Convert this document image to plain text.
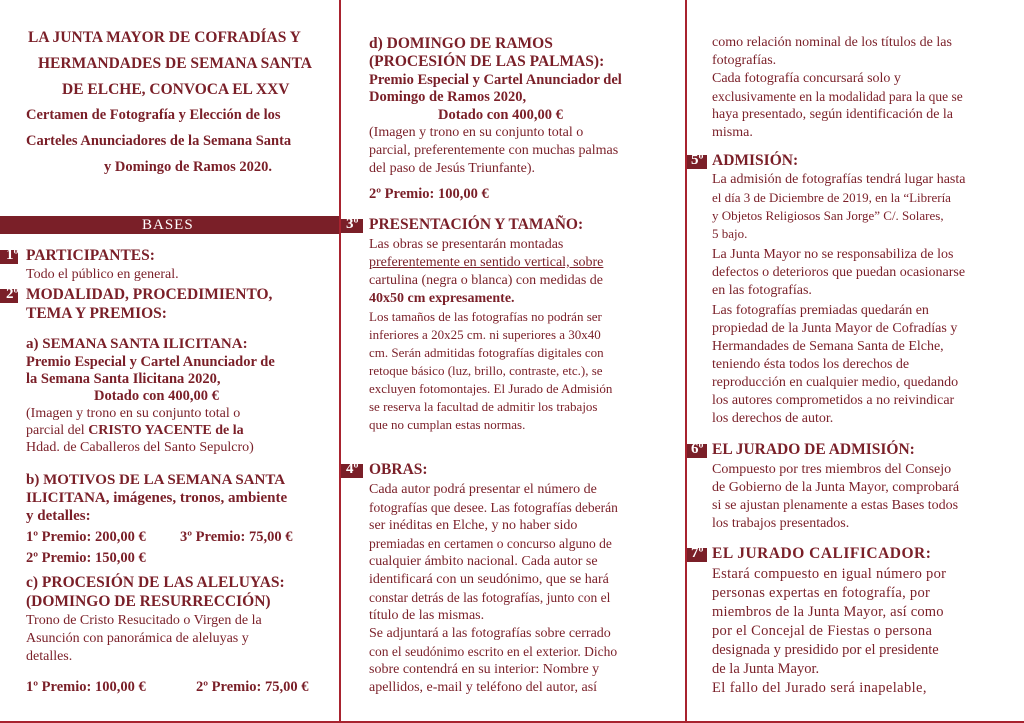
LA JUNTA MAYOR DE COFRADÍAS Y
HERMANDADES DE SEMANA SANTA
DE ELCHE, CONVOCA EL XXV
Certamen de Fotografía y Elección de los
Carteles Anunciadores de la Semana Santa
y Domingo de Ramos 2020.
BASES
1º PARTICIPANTES:
Todo el público en general.
2º MODALIDAD, PROCEDIMIENTO,
TEMA Y PREMIOS:
a) SEMANA SANTA ILICITANA:
Premio Especial y Cartel Anunciador de
la Semana Santa Ilicitana 2020,
Dotado con 400,00 €
(Imagen y trono en su conjunto total o
parcial del CRISTO YACENTE de la
Hdad. de Caballeros del Santo Sepulcro)
b) MOTIVOS DE LA SEMANA SANTA
ILICITANA, imágenes, tronos, ambiente
y detalles:
1º Premio: 200,00 € 3º Premio: 75,00 €
2º Premio: 150,00 €
c) PROCESIÓN DE LAS ALELUYAS:
(DOMINGO DE RESURRECCIÓN)
Trono de Cristo Resucitado o Virgen de la
Asunción con panorámica de aleluyas y
detalles.
1º Premio: 100,00 €	2º Premio: 75,00 €
d) DOMINGO DE RAMOS
(PROCESIÓN DE LAS PALMAS):
Premio Especial y Cartel Anunciador del
Domingo de Ramos 2020,
Dotado con 400,00 €
(Imagen y trono en su conjunto total o
parcial, preferentemente con muchas palmas
del paso de Jesús Triunfante).
2º Premio: 100,00 €
3º PRESENTACIÓN Y TAMAÑO:
Las obras se presentarán montadas
preferentemente en sentido vertical, sobre
cartulina (negra o blanca) con medidas de
40x50 cm expresamente.
Los tamaños de las fotografías no podrán ser
inferiores a 20x25 cm. ni superiores a 30x40
cm. Serán admitidas fotografías digitales con
retoque básico (luz, brillo, contraste, etc.), se
excluyen fotomontajes. El Jurado de Admisión
se reserva la facultad de admitir los trabajos
que no cumplan estas normas.
4º OBRAS:
Cada autor podrá presentar el número de
fotografías que desee. Las fotografías deberán
ser inéditas en Elche, y no haber sido
premiadas en certamen o concurso alguno de
cualquier ámbito nacional. Cada autor se
identificará con un seudónimo, que se hará
constar detrás de las fotografías, junto con el
título de las mismas.
Se adjuntará a las fotografías sobre cerrado
con el seudónimo escrito en el exterior. Dicho
sobre contendrá en su interior: Nombre y
apellidos, e-mail y teléfono del autor, así
como relación nominal de los títulos de las
fotografías.
Cada fotografía concursará solo y
exclusivamente en la modalidad para la que se
haya presentado, según identificación de la
misma.
5º ADMISIÓN:
La admisión de fotografías tendrá lugar hasta
el día 3 de Diciembre de 2019, en la “Librería
y Objetos Religiosos San Jorge” C/. Solares,
5 bajo.
La Junta Mayor no se responsabiliza de los
defectos o deterioros que puedan ocasionarse
en las fotografías.
Las fotografías premiadas quedarán en
propiedad de la Junta Mayor de Cofradías y
Hermandades de Semana Santa de Elche,
teniendo ésta todos los derechos de
reproducción en cualquier medio, quedando
los autores comprometidos a no reivindicar
los derechos de autor.
6º EL JURADO DE ADMISIÓN:
Compuesto por tres miembros del Consejo
de Gobierno de la Junta Mayor, comprobará
si se ajustan plenamente a estas Bases todos
los trabajos presentados.
7º EL JURADO CALIFICADOR:
Estará compuesto en igual número por
personas expertas en fotografía, por
miembros de la Junta Mayor, así como
por el Concejal de Fiestas o persona
designada y presidido por el presidente
de la Junta Mayor.
El fallo del Jurado será inapelable,
